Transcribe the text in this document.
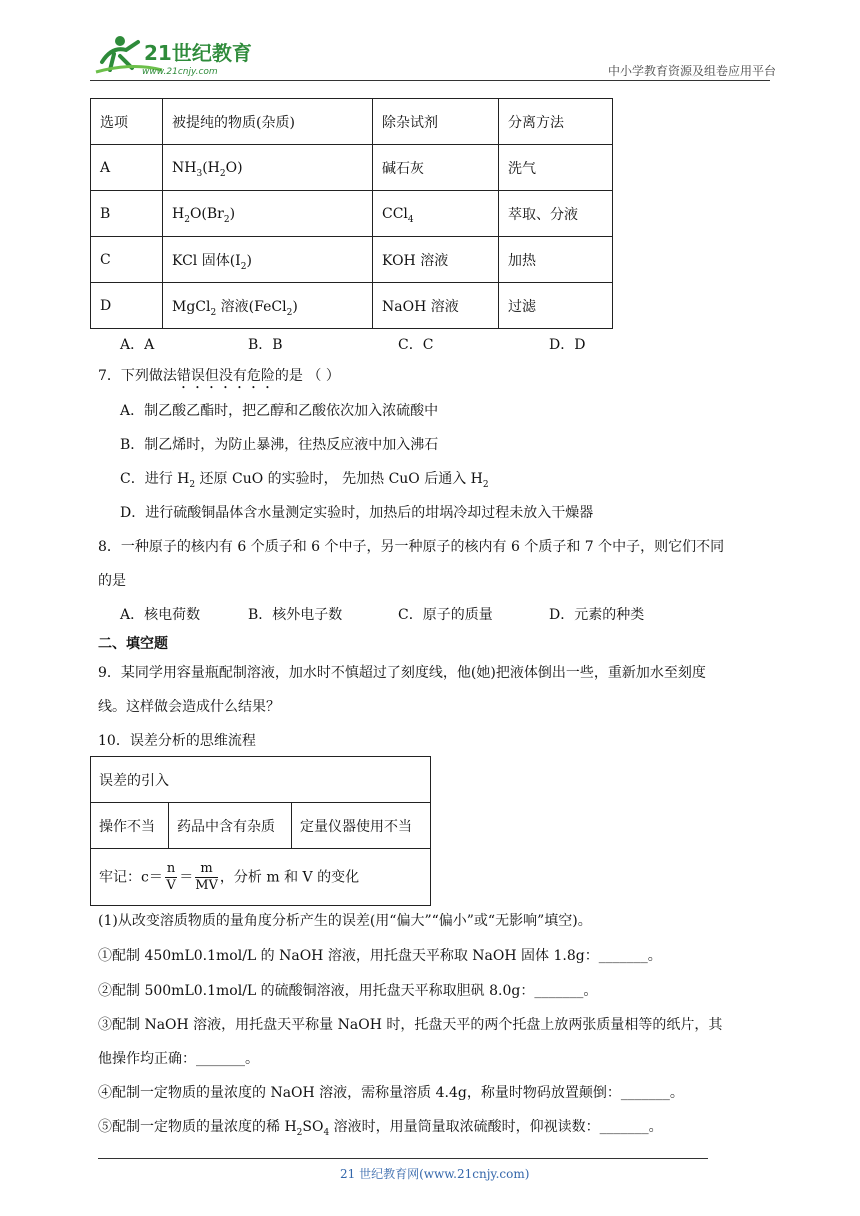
21世纪教育
www.21cnjy.com	中小学教育资源及组卷应用平台
选项	被提纯的物质(杂质)	除杂试剂	分离方法
A	$NH_3(H_2O)$	碱石灰	洗气
B	$H_2O(Br_2)$	CCl$_4$	萃取、分液
C	KCl 固体$(I_2)$	KOH 溶液	加热
D	MgCl$_2$ 溶液(FeCl$_2$)	NaOH 溶液	过滤
A．A	B．B	C．C	D．D
7．下列做法错误但没有危险的是 （ ）
A．制乙酸乙酯时，把乙醇和乙酸依次加入浓硫酸中
B．制乙烯时，为防止暴沸，往热反应液中加入沸石
C．进行 $H_2$ 还原 CuO 的实验时， 先加热 CuO 后通入 $H_2$
D．进行硫酸铜晶体含水量测定实验时，加热后的坩埚冷却过程未放入干燥器
8．一种原子的核内有 6 个质子和 6 个中子，另一种原子的核内有 6 个质子和 7 个中子，则它们不同
的是
A．核电荷数	B．核外电子数	C．原子的质量	D．元素的种类
二、填空题
9．某同学用容量瓶配制溶液，加水时不慎超过了刻度线，他(她)把液体倒出一些，重新加水至刻度
线。这样做会造成什么结果？
10．误差分析的思维流程
误差的引入
操作不当	药品中含有杂质	定量仪器使用不当
牢记：$c= \frac{n}{V} = \frac{m}{MV}$ ，分析 m 和 V 的变化
(1)从改变溶质物质的量角度分析产生的误差(用“偏大”“偏小”或“无影响”填空)。
①配制 450mL0.1mol/L 的 NaOH 溶液，用托盘天平称取 NaOH 固体 1.8g：_______。
②配制 500mL0.1mol/L 的硫酸铜溶液，用托盘天平称取胆矾 8.0g：_______。
③配制 NaOH 溶液，用托盘天平称量 NaOH 时，托盘天平的两个托盘上放两张质量相等的纸片，其
他操作均正确：_______。
④配制一定物质的量浓度的 NaOH 溶液，需称量溶质 4.4g，称量时物码放置颠倒：_______。
⑤配制一定物质的量浓度的稀 $H_2SO_4$ 溶液时，用量筒量取浓硫酸时，仰视读数：_______。
21 世纪教育网(www.21cnjy.com)
